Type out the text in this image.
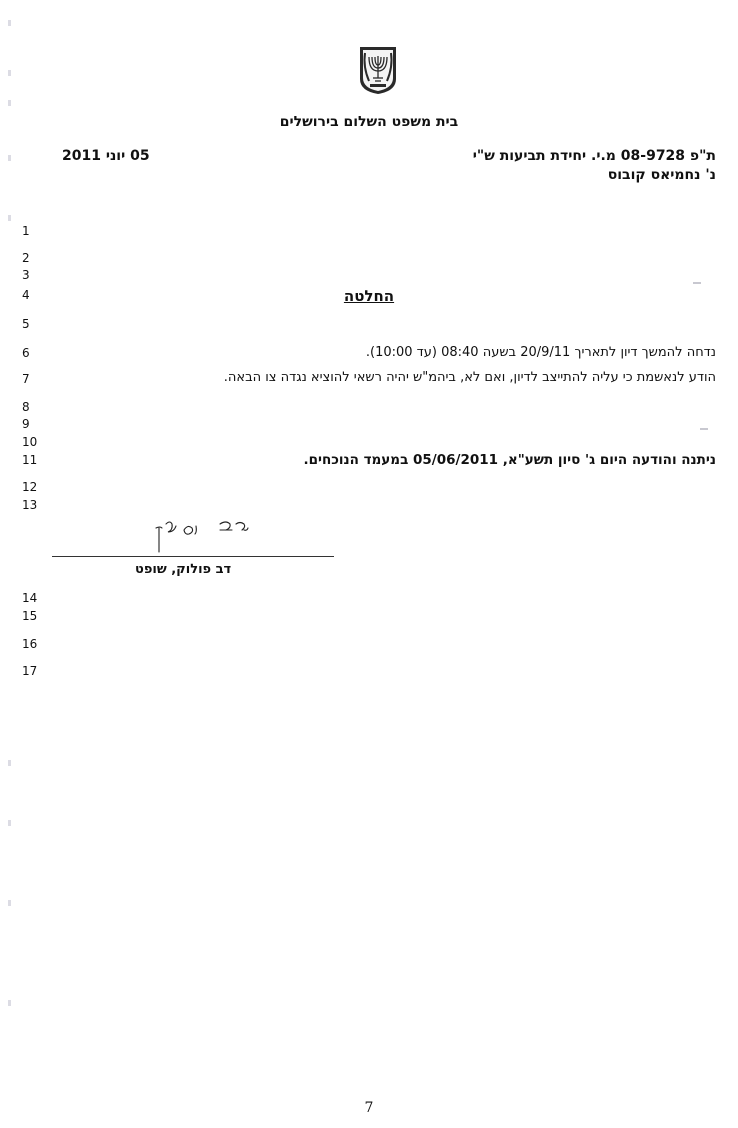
בית משפט השלום בירושלים
ת"פ 08-9728 מ.י. יחידת תביעות ש"י
נ' נחמיאס קובוס
05 יוני 2011
1
2
3
4
5
6
7
8
9
10
11
12
13
14
15
16
17
החלטה
נדחה להמשך דיון לתאריך 20/9/11 בשעה 08:40 (עד 10:00).
הודע לנאשמת כי עליה להתייצב לדיון, ואם לא, ביהמ"ש יהיה רשאי להוציא נגדה צו הבאה.
ניתנה והודעה היום ג' סיון תשע"א, 05/06/2011 במעמד הנוכחים.
דב פולוק, שופט
7
